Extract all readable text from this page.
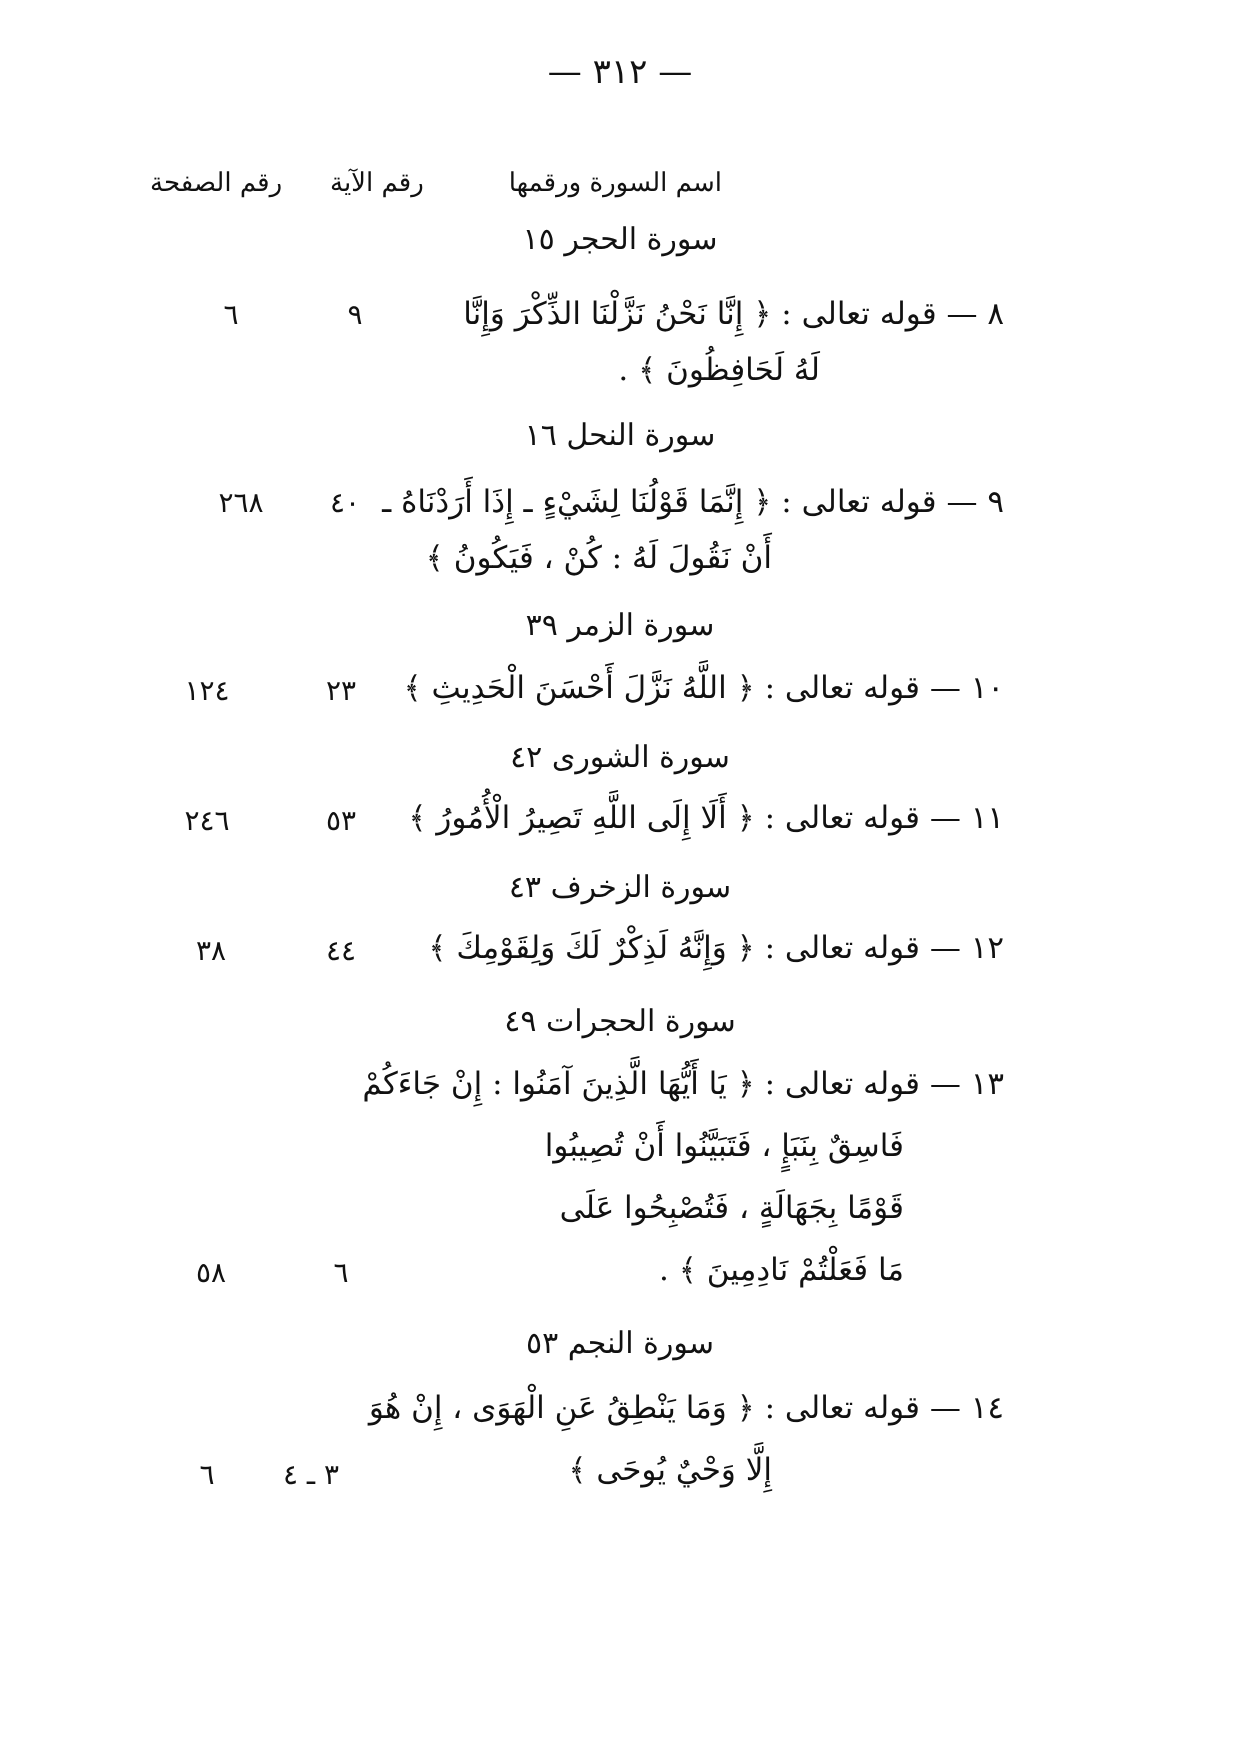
— ٣١٢ —
اسم السورة ورقمها
رقم الآية
رقم الصفحة
سورة الحجر ١٥
٨ — قوله تعالى : ﴿ إِنَّا نَحْنُ نَزَّلْنَا الذِّكْرَ وَإِنَّا
لَهُ لَحَافِظُونَ ﴾ .
٩
٦
سورة النحل ١٦
٩ — قوله تعالى : ﴿ إِنَّمَا قَوْلُنَا لِشَيْءٍ ـ إِذَا أَرَدْنَاهُ ـ
أَنْ نَقُولَ لَهُ : كُنْ ، فَيَكُونُ ﴾
٤٠
٢٦٨
سورة الزمر ٣٩
١٠ — قوله تعالى : ﴿ اللَّهُ نَزَّلَ أَحْسَنَ الْحَدِيثِ ﴾
٢٣
١٢٤
سورة الشورى ٤٢
١١ — قوله تعالى : ﴿ أَلَا إِلَى اللَّهِ تَصِيرُ الْأُمُورُ ﴾
٥٣
٢٤٦
سورة الزخرف ٤٣
١٢ — قوله تعالى : ﴿ وَإِنَّهُ لَذِكْرٌ لَكَ وَلِقَوْمِكَ ﴾
٤٤
٣٨
سورة الحجرات ٤٩
١٣ — قوله تعالى : ﴿ يَا أَيُّهَا الَّذِينَ آمَنُوا : إِنْ جَاءَكُمْ
فَاسِقٌ بِنَبَإٍ ، فَتَبَيَّنُوا أَنْ تُصِيبُوا
قَوْمًا بِجَهَالَةٍ ، فَتُصْبِحُوا عَلَى
مَا فَعَلْتُمْ نَادِمِينَ ﴾ .
٦
٥٨
سورة النجم ٥٣
١٤ — قوله تعالى : ﴿ وَمَا يَنْطِقُ عَنِ الْهَوَى ، إِنْ هُوَ
إِلَّا وَحْيٌ يُوحَى ﴾
٣ ـ ٤
٦
